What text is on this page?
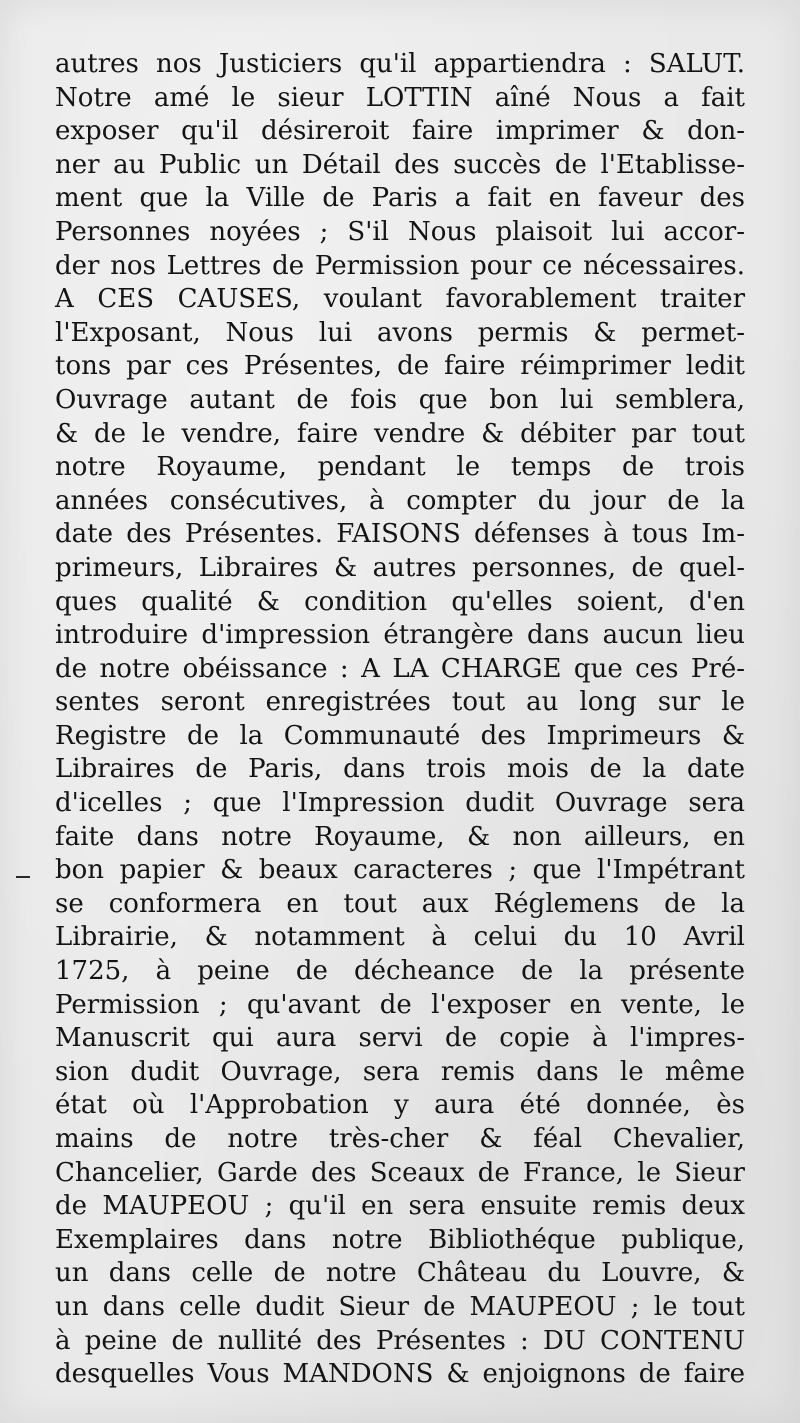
autres nos Justiciers qu'il appartiendra : SALUT.
Notre amé le sieur LOTTIN aîné Nous a fait
exposer qu'il désireroit faire imprimer & don-
ner au Public un Détail des succès de l'Etablisse-
ment que la Ville de Paris a fait en faveur des
Personnes noyées ; S'il Nous plaisoit lui accor-
der nos Lettres de Permission pour ce nécessaires.
A CES CAUSES, voulant favorablement traiter
l'Exposant, Nous lui avons permis & permet-
tons par ces Présentes, de faire réimprimer ledit
Ouvrage autant de fois que bon lui semblera,
& de le vendre, faire vendre & débiter par tout
notre Royaume, pendant le temps de trois
années consécutives, à compter du jour de la
date des Présentes. FAISONS défenses à tous Im-
primeurs, Libraires & autres personnes, de quel-
ques qualité & condition qu'elles soient, d'en
introduire d'impression étrangère dans aucun lieu
de notre obéissance : A LA CHARGE que ces Pré-
sentes seront enregistrées tout au long sur le
Registre de la Communauté des Imprimeurs &
Libraires de Paris, dans trois mois de la date
d'icelles ; que l'Impression dudit Ouvrage sera
faite dans notre Royaume, & non ailleurs, en
bon papier & beaux caracteres ; que l'Impétrant
se conformera en tout aux Réglemens de la
Librairie, & notamment à celui du 10 Avril
1725, à peine de décheance de la présente
Permission ; qu'avant de l'exposer en vente, le
Manuscrit qui aura servi de copie à l'impres-
sion dudit Ouvrage, sera remis dans le même
état où l'Approbation y aura été donnée, ès
mains de notre très-cher & féal Chevalier,
Chancelier, Garde des Sceaux de France, le Sieur
de MAUPEOU ; qu'il en sera ensuite remis deux
Exemplaires dans notre Bibliothéque publique,
un dans celle de notre Château du Louvre, &
un dans celle dudit Sieur de MAUPEOU ; le tout
à peine de nullité des Présentes : DU CONTENU
desquelles Vous MANDONS & enjoignons de faire
